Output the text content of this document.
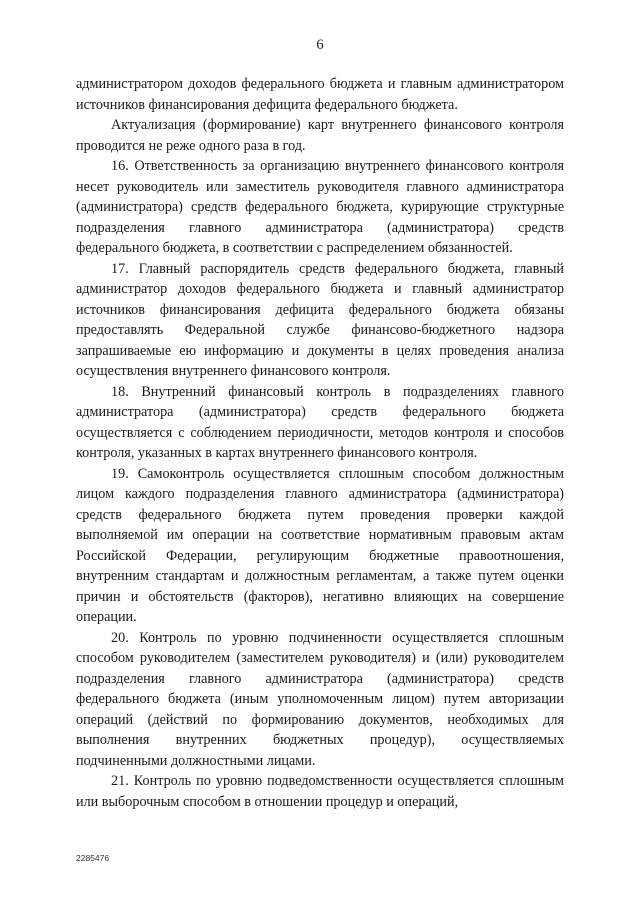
6

администратором доходов федерального бюджета и главным администратором источников финансирования дефицита федерального бюджета.

Актуализация (формирование) карт внутреннего финансового контроля проводится не реже одного раза в год.

16. Ответственность за организацию внутреннего финансового контроля несет руководитель или заместитель руководителя главного администратора (администратора) средств федерального бюджета, курирующие структурные подразделения главного администратора (администратора) средств федерального бюджета, в соответствии с распределением обязанностей.

17. Главный распорядитель средств федерального бюджета, главный администратор доходов федерального бюджета и главный администратор источников финансирования дефицита федерального бюджета обязаны предоставлять Федеральной службе финансово-бюджетного надзора запрашиваемые ею информацию и документы в целях проведения анализа осуществления внутреннего финансового контроля.

18. Внутренний финансовый контроль в подразделениях главного администратора (администратора) средств федерального бюджета осуществляется с соблюдением периодичности, методов контроля и способов контроля, указанных в картах внутреннего финансового контроля.

19. Самоконтроль осуществляется сплошным способом должностным лицом каждого подразделения главного администратора (администратора) средств федерального бюджета путем проведения проверки каждой выполняемой им операции на соответствие нормативным правовым актам Российской Федерации, регулирующим бюджетные правоотношения, внутренним стандартам и должностным регламентам, а также путем оценки причин и обстоятельств (факторов), негативно влияющих на совершение операции.

20. Контроль по уровню подчиненности осуществляется сплошным способом руководителем (заместителем руководителя) и (или) руководителем подразделения главного администратора (администратора) средств федерального бюджета (иным уполномоченным лицом) путем авторизации операций (действий по формированию документов, необходимых для выполнения внутренних бюджетных процедур), осуществляемых подчиненными должностными лицами.

21. Контроль по уровню подведомственности осуществляется сплошным или выборочным способом в отношении процедур и операций,

2285476
